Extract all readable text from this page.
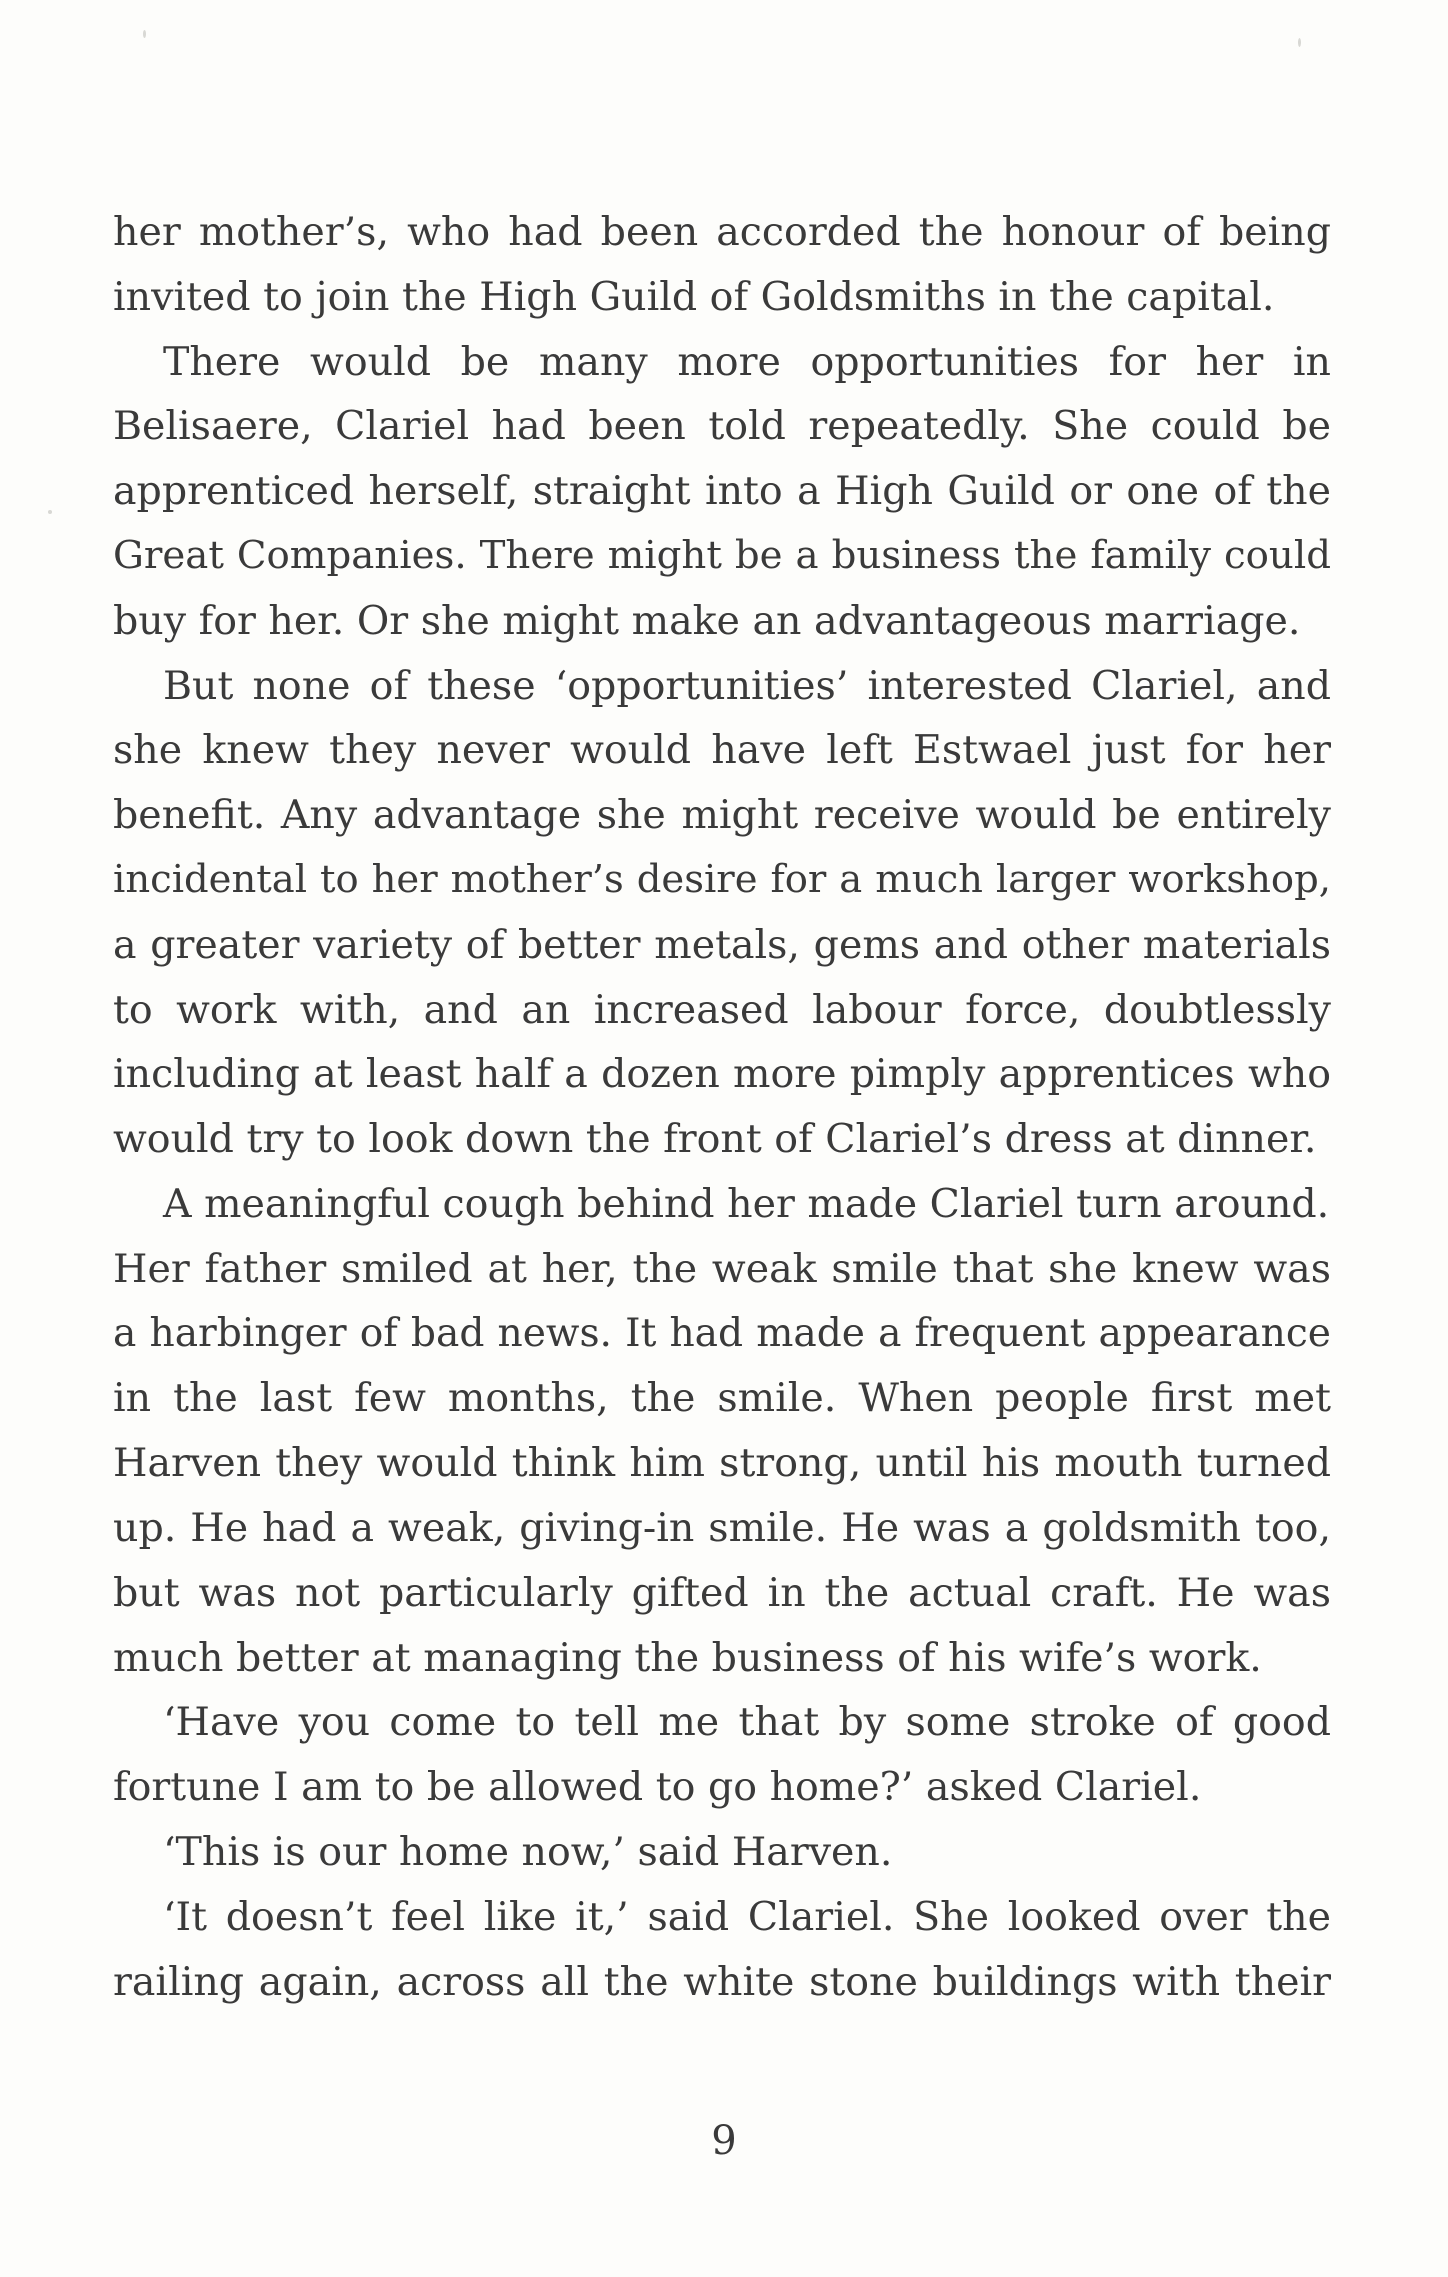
her mother’s, who had been accorded the honour of being
invited to join the High Guild of Goldsmiths in the capital.
There would be many more opportunities for her in
Belisaere, Clariel had been told repeatedly. She could be
apprenticed herself, straight into a High Guild or one of the
Great Companies. There might be a business the family could
buy for her. Or she might make an advantageous marriage.
But none of these ‘opportunities’ interested Clariel, and
she knew they never would have left Estwael just for her
benefit. Any advantage she might receive would be entirely
incidental to her mother’s desire for a much larger workshop,
a greater variety of better metals, gems and other materials
to work with, and an increased labour force, doubtlessly
including at least half a dozen more pimply apprentices who
would try to look down the front of Clariel’s dress at dinner.
A meaningful cough behind her made Clariel turn around.
Her father smiled at her, the weak smile that she knew was
a harbinger of bad news. It had made a frequent appearance
in the last few months, the smile. When people first met
Harven they would think him strong, until his mouth turned
up. He had a weak, giving-in smile. He was a goldsmith too,
but was not particularly gifted in the actual craft. He was
much better at managing the business of his wife’s work.
‘Have you come to tell me that by some stroke of good
fortune I am to be allowed to go home?’ asked Clariel.
‘This is our home now,’ said Harven.
‘It doesn’t feel like it,’ said Clariel. She looked over the
railing again, across all the white stone buildings with their
9
